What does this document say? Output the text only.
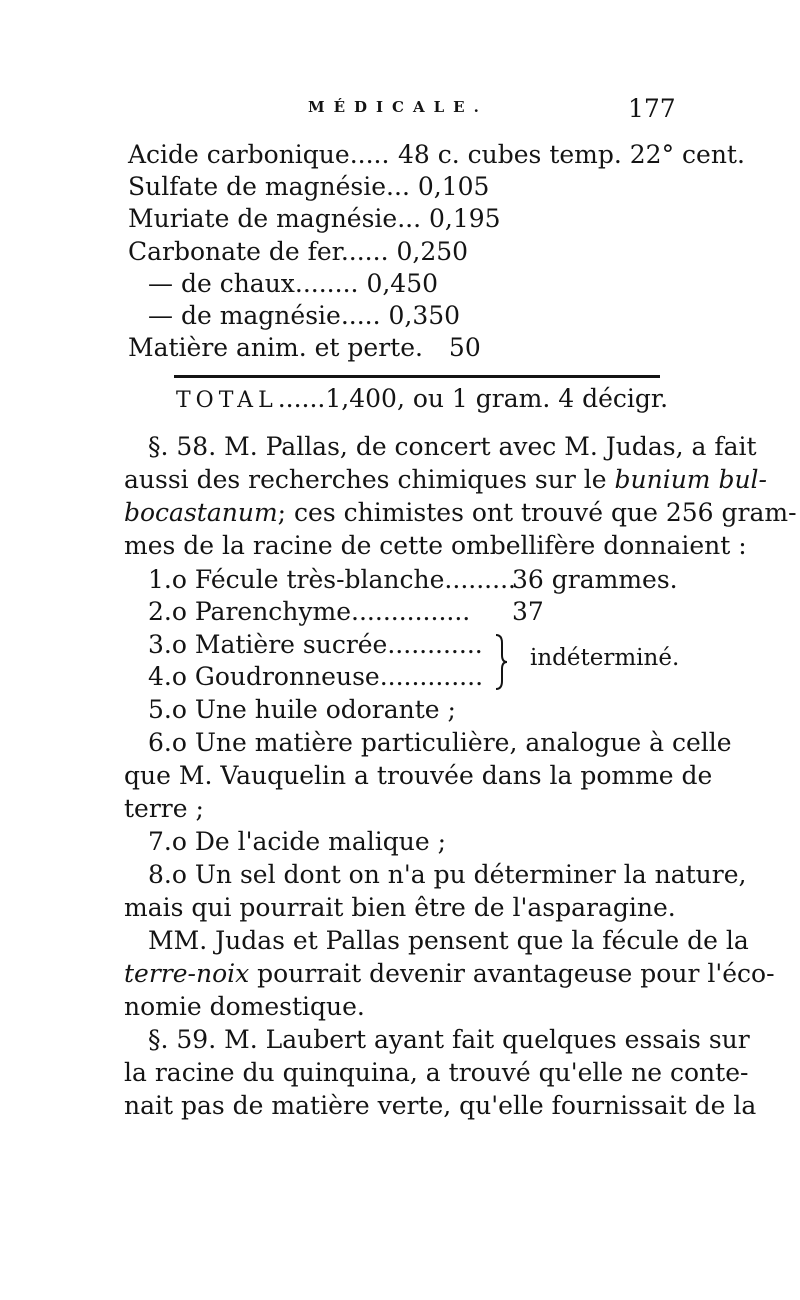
MÉDICALE.	177
Acide carbonique..... 48 c. cubes temp. 22° cent.
Sulfate de magnésie... 0,105
Muriate de magnésie... 0,195
Carbonate de fer...... 0,250
— de chaux........ 0,450
— de magnésie..... 0,350
Matière anim. et perte. 50
TOTAL......1,400, ou 1 gram. 4 décigr.
§. 58. M. Pallas, de concert avec M. Judas, a fait
aussi des recherches chimiques sur le bunium bul-
bocastanum; ces chimistes ont trouvé que 256 gram-
mes de la racine de cette ombellifère donnaient :
1.o Fécule très-blanche.........
36 grammes.
2.o Parenchyme............... 37
3.o Matière sucrée............
4.o Goudronneuse.............
indéterminé.
5.o Une huile odorante ;
6.o Une matière particulière, analogue à celle
que M. Vauquelin a trouvée dans la pomme de
terre ;
7.o De l'acide malique ;
8.o Un sel dont on n'a pu déterminer la nature,
mais qui pourrait bien être de l'asparagine.
MM. Judas et Pallas pensent que la fécule de la
terre-noix pourrait devenir avantageuse pour l'éco-
nomie domestique.
§. 59. M. Laubert ayant fait quelques essais sur
la racine du quinquina, a trouvé qu'elle ne conte-
nait pas de matière verte, qu'elle fournissait de la
